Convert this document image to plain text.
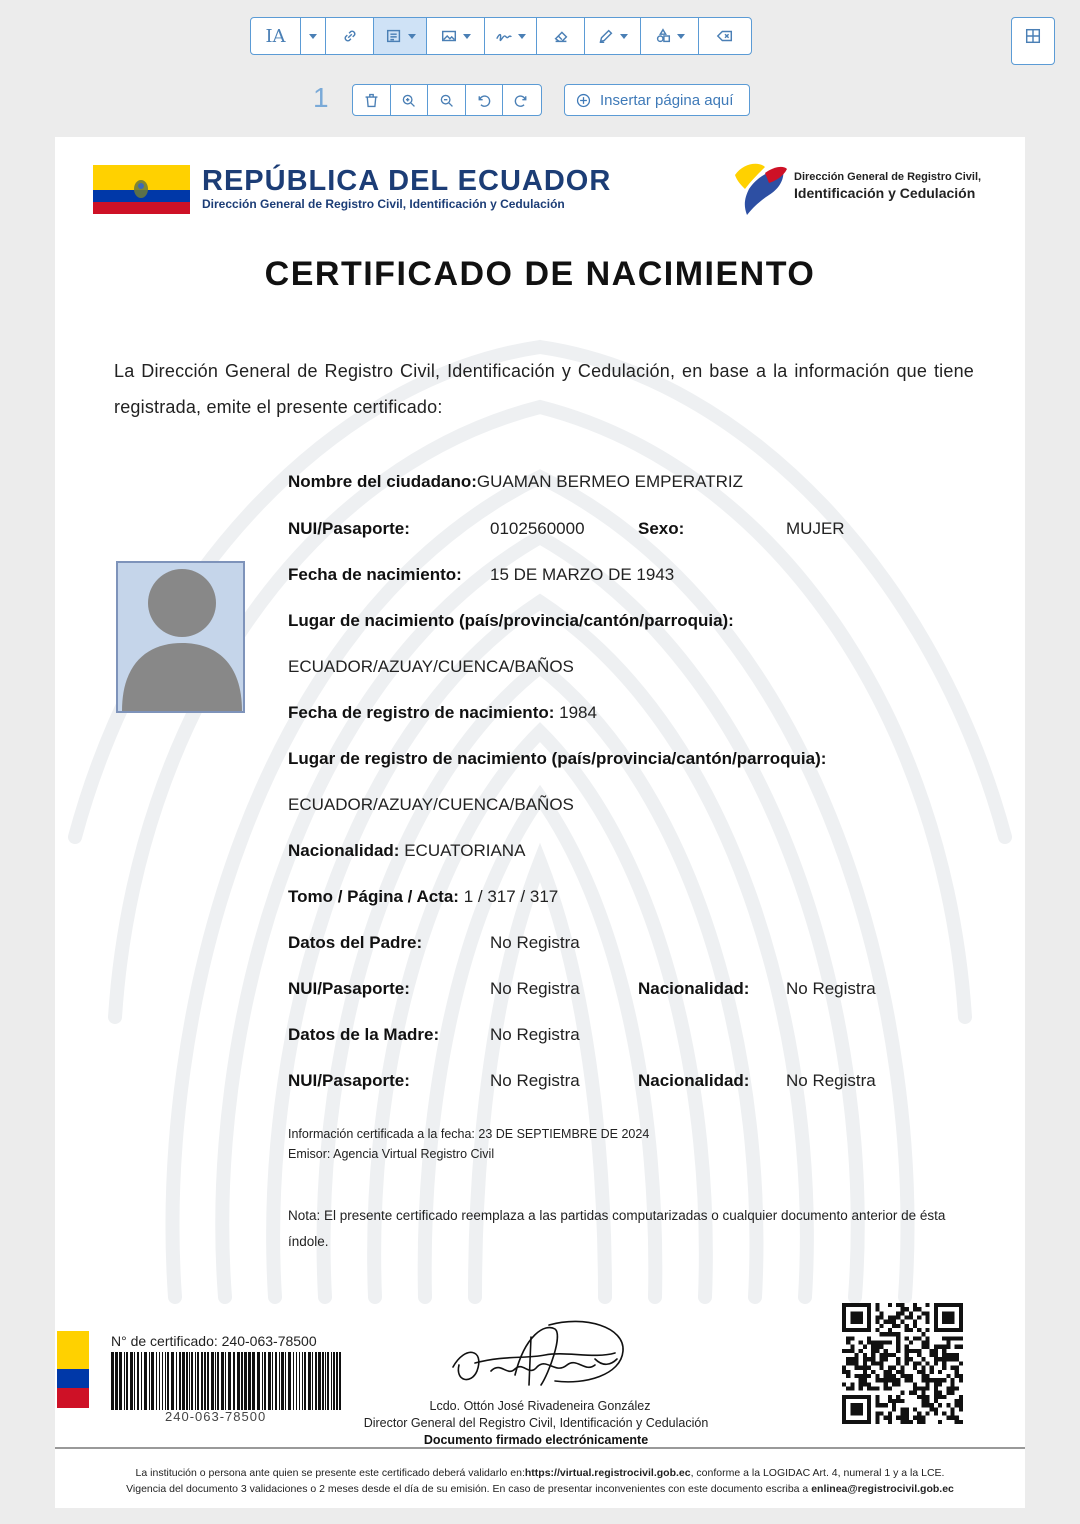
IA
1	Insertar página aquí
REPÚBLICA DEL ECUADOR
Dirección General de Registro Civil, Identificación y Cedulación
Dirección General de Registro Civil,
Identificación y Cedulación
CERTIFICADO DE NACIMIENTO
La Dirección General de Registro Civil, Identificación y Cedulación, en base a la información que tiene registrada, emite el presente certificado:
Nombre del ciudadano:GUAMAN BERMEO EMPERATRIZ
NUI/Pasaporte:	0102560000	Sexo:	MUJER
Fecha de nacimiento: 15 DE MARZO DE 1943
Lugar de nacimiento (país/provincia/cantón/parroquia):
ECUADOR/AZUAY/CUENCA/BAÑOS
Fecha de registro de nacimiento: 1984
Lugar de registro de nacimiento (país/provincia/cantón/parroquia):
ECUADOR/AZUAY/CUENCA/BAÑOS
Nacionalidad: ECUATORIANA
Tomo / Página / Acta: 1 / 317 / 317
Datos del Padre:	No Registra
NUI/Pasaporte:	No Registra	Nacionalidad: No Registra
Datos de la Madre:	No Registra
NUI/Pasaporte:	No Registra	Nacionalidad: No Registra
Información certificada a la fecha: 23 DE SEPTIEMBRE DE 2024
Emisor: Agencia Virtual Registro Civil
Nota: El presente certificado reemplaza a las partidas computarizadas o cualquier documento anterior de ésta índole.
N° de certificado: 240-063-78500
240-063-78500
Lcdo. Ottón José Rivadeneira González
Director General del Registro Civil, Identificación y Cedulación
Documento firmado electrónicamente
La institución o persona ante quien se presente este certificado deberá validarlo en:https://virtual.registrocivil.gob.ec, conforme a la LOGIDAC Art. 4, numeral 1 y a la LCE.
Vigencia del documento 3 validaciones o 2 meses desde el día de su emisión. En caso de presentar inconvenientes con este documento escriba a enlinea@registrocivil.gob.ec
